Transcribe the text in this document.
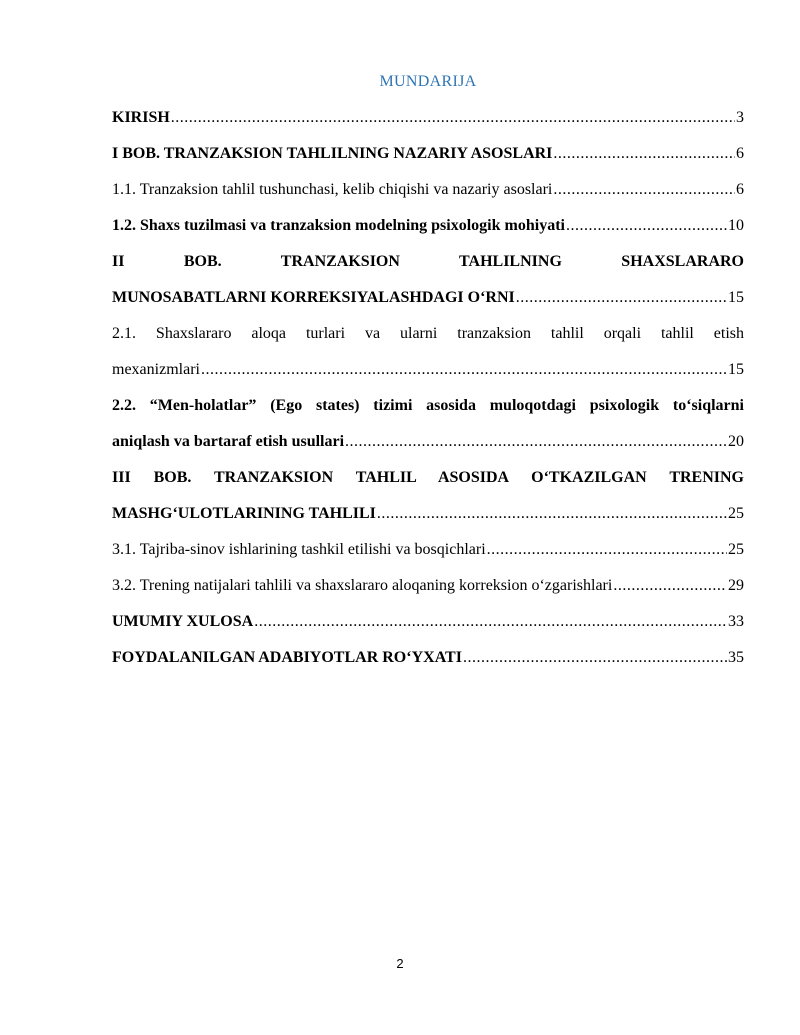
MUNDARIJA
KIRISH .....	3
I BOB. TRANZAKSION TAHLILNING NAZARIY ASOSLARI .....	6
1.1. Tranzaksion tahlil tushunchasi, kelib chiqishi va nazariy asoslari .....	6
1.2. Shaxs tuzilmasi va tranzaksion modelning psixologik mohiyati .....	10
II BOB. TRANZAKSION TAHLILNING SHAXSLARARO
MUNOSABATLARNI KORREKSIYALASHDAGI O‘RNI .....	15
2.1. Shaxslararo aloqa turlari va ularni tranzaksion tahlil orqali tahlil etish
mexanizmlari .....	15
2.2. “Men-holatlar” (Ego states) tizimi asosida muloqotdagi psixologik to‘siqlarni
aniqlash va bartaraf etish usullari .....	20
III BOB. TRANZAKSION TAHLIL ASOSIDA O‘TKAZILGAN TRENING
MASHG‘ULOTLARINING TAHLILI .....	25
3.1. Tajriba-sinov ishlarining tashkil etilishi va bosqichlari .....	25
3.2. Trening natijalari tahlili va shaxslararo aloqaning korreksion o‘zgarishlari .....	29
UMUMIY XULOSA .....	33
FOYDALANILGAN ADABIYOTLAR RO‘YXATI .....	35
2
